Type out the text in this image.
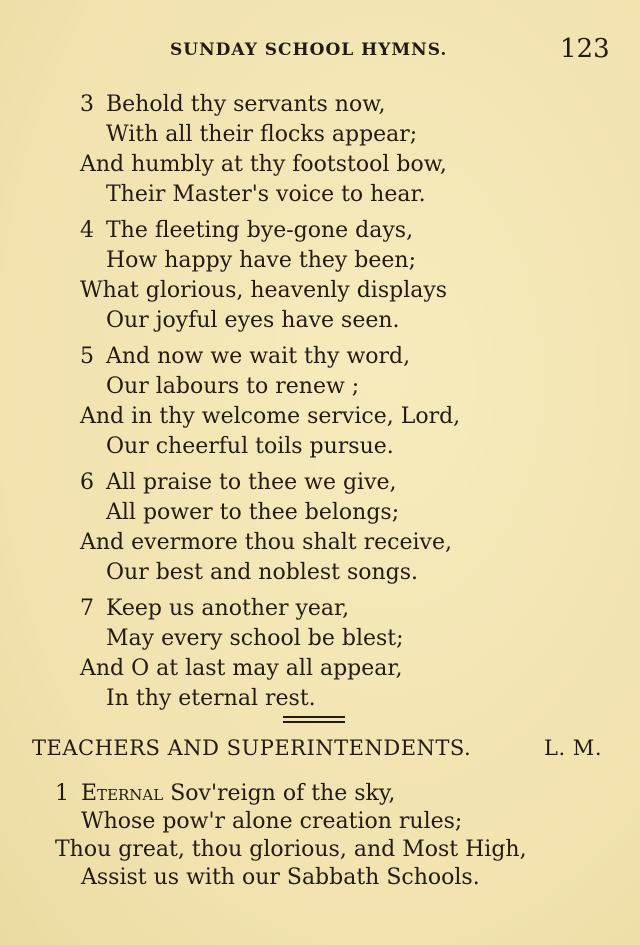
SUNDAY SCHOOL HYMNS.	123
3 Behold thy servants now,
With all their flocks appear;
And humbly at thy footstool bow,
Their Master's voice to hear.
4 The fleeting bye-gone days,
How happy have they been;
What glorious, heavenly displays
Our joyful eyes have seen.
5 And now we wait thy word,
Our labours to renew ;
And in thy welcome service, Lord,
Our cheerful toils pursue.
6 All praise to thee we give,
All power to thee belongs;
And evermore thou shalt receive,
Our best and noblest songs.
7 Keep us another year,
May every school be blest;
And O at last may all appear,
In thy eternal rest.
TEACHERS AND SUPERINTENDENTS.	L. M.
1 Eternal Sov'reign of the sky,
Whose pow'r alone creation rules;
Thou great, thou glorious, and Most High,
Assist us with our Sabbath Schools.
